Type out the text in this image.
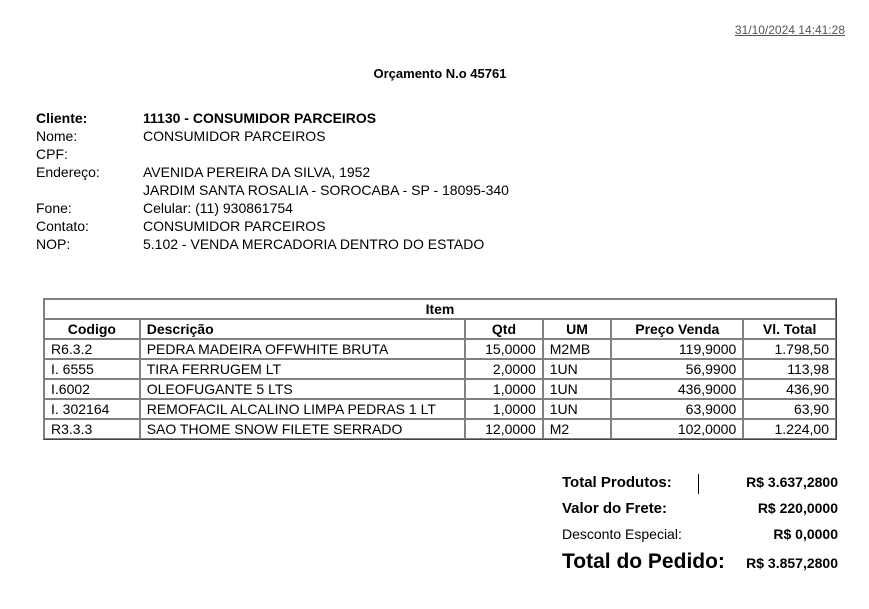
31/10/2024 14:41:28
Orçamento N.o 45761
Cliente:	11130 - CONSUMIDOR PARCEIROS
Nome:	CONSUMIDOR PARCEIROS
CPF:
Endereço:	AVENIDA PEREIRA DA SILVA, 1952
JARDIM SANTA ROSALIA - SOROCABA - SP - 18095-340
Fone:	Celular: (11) 930861754
Contato:	CONSUMIDOR PARCEIROS
NOP:	5.102 - VENDA MERCADORIA DENTRO DO ESTADO
Item					
Codigo	Descrição	Qtd	UM	Preço Venda	Vl. Total
R6.3.2	PEDRA MADEIRA OFFWHITE BRUTA	15,0000	M2MB	119,9000	1.798,50
I. 6555	TIRA FERRUGEM LT	2,0000	1UN	56,9900	113,98
I.6002	OLEOFUGANTE 5 LTS	1,0000	1UN	436,9000	436,90
I. 302164	REMOFACIL ALCALINO LIMPA PEDRAS 1 LT	1,0000	1UN	63,9000	63,90
R3.3.3	SAO THOME SNOW FILETE SERRADO	12,0000	M2	102,0000	1.224,00
Total Produtos:	R$ 3.637,2800
Valor do Frete:	R$ 220,0000
Desconto Especial:	R$ 0,0000
Total do Pedido: R$ 3.857,2800
